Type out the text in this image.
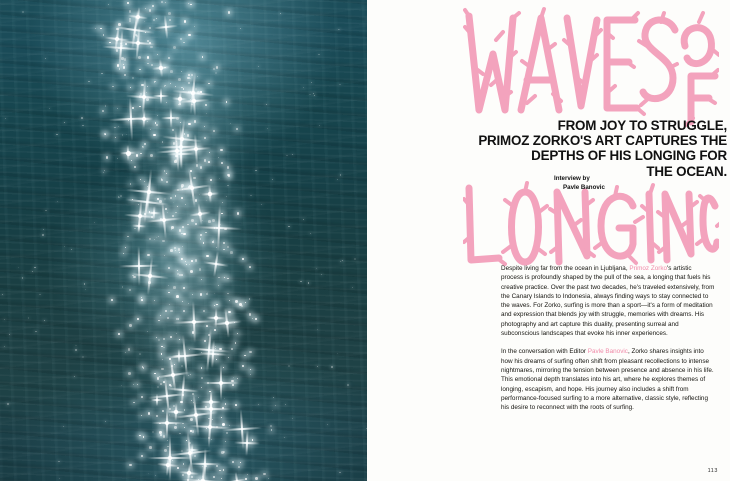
FROM JOY TO STRUGGLE,
PRIMOZ ZORKO'S ART CAPTURES THE
DEPTHS OF HIS LONGING FOR
THE OCEAN.
Interview by
Pavle Banovic

Despite living far from the ocean in Ljubljana, Primoz Zorko's artistic process is profoundly shaped by the pull of the sea, a longing that fuels his creative practice. Over the past two decades, he's traveled extensively, from the Canary Islands to Indonesia, always finding ways to stay connected to the waves. For Zorko, surfing is more than a sport—it's a form of meditation and expression that blends joy with struggle, memories with dreams. His photography and art capture this duality, presenting surreal and subconscious landscapes that evoke his inner experiences.

In the conversation with Editor Pavle Banovic, Zorko shares insights into how his dreams of surfing often shift from pleasant recollections to intense nightmares, mirroring the tension between presence and absence in his life. This emotional depth translates into his art, where he explores themes of longing, escapism, and hope. His journey also includes a shift from performance-focused surfing to a more alternative, classic style, reflecting his desire to reconnect with the roots of surfing.

113
